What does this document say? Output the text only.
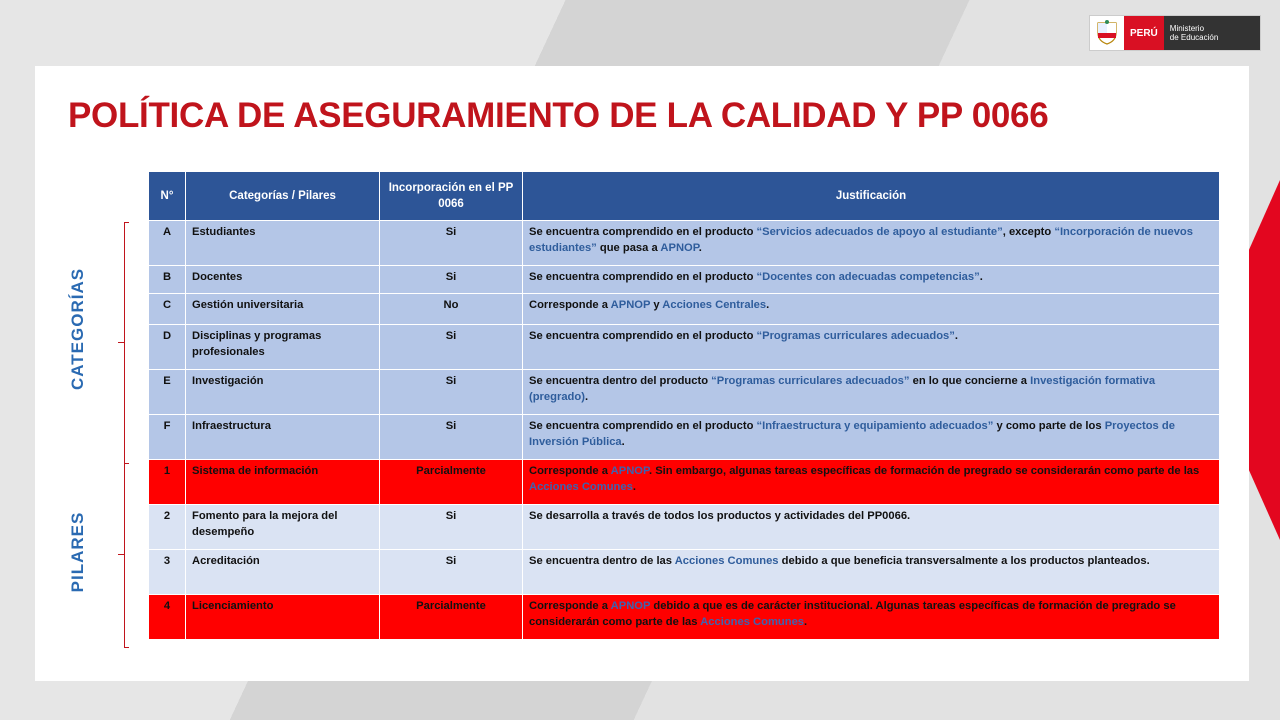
PERÚ	Ministerio
de Educación
POLÍTICA DE ASEGURAMIENTO DE LA CALIDAD Y PP 0066
CATEGORÍAS
PILARES
N°	Categorías / Pilares	Incorporación en el PP 0066	Justificación
A	Estudiantes	Si	Se encuentra comprendido en el producto “Servicios adecuados de apoyo al estudiante”, excepto “Incorporación de nuevos estudiantes” que pasa a APNOP.
B	Docentes	Si	Se encuentra comprendido en el producto “Docentes con adecuadas competencias”.
C	Gestión universitaria	No	Corresponde a APNOP y Acciones Centrales.
D	Disciplinas y programas profesionales	Si	Se encuentra comprendido en el producto “Programas curriculares adecuados”.
E	Investigación	Si	Se encuentra dentro del producto “Programas curriculares adecuados” en lo que concierne a Investigación formativa (pregrado).
F	Infraestructura	Si	Se encuentra comprendido en el producto “Infraestructura y equipamiento adecuados” y como parte de los Proyectos de Inversión Pública.
1	Sistema de información	Parcialmente	Corresponde a APNOP. Sin embargo, algunas tareas específicas de formación de pregrado se considerarán como parte de las Acciones Comunes.
2	Fomento para la mejora del desempeño	Si	Se desarrolla a través de todos los productos y actividades del PP0066.
3	Acreditación	Si	Se encuentra dentro de las Acciones Comunes debido a que beneficia transversalmente a los productos planteados.
4	Licenciamiento	Parcialmente	Corresponde a APNOP debido a que es de carácter institucional. Algunas tareas específicas de formación de pregrado se considerarán como parte de las Acciones Comunes.
